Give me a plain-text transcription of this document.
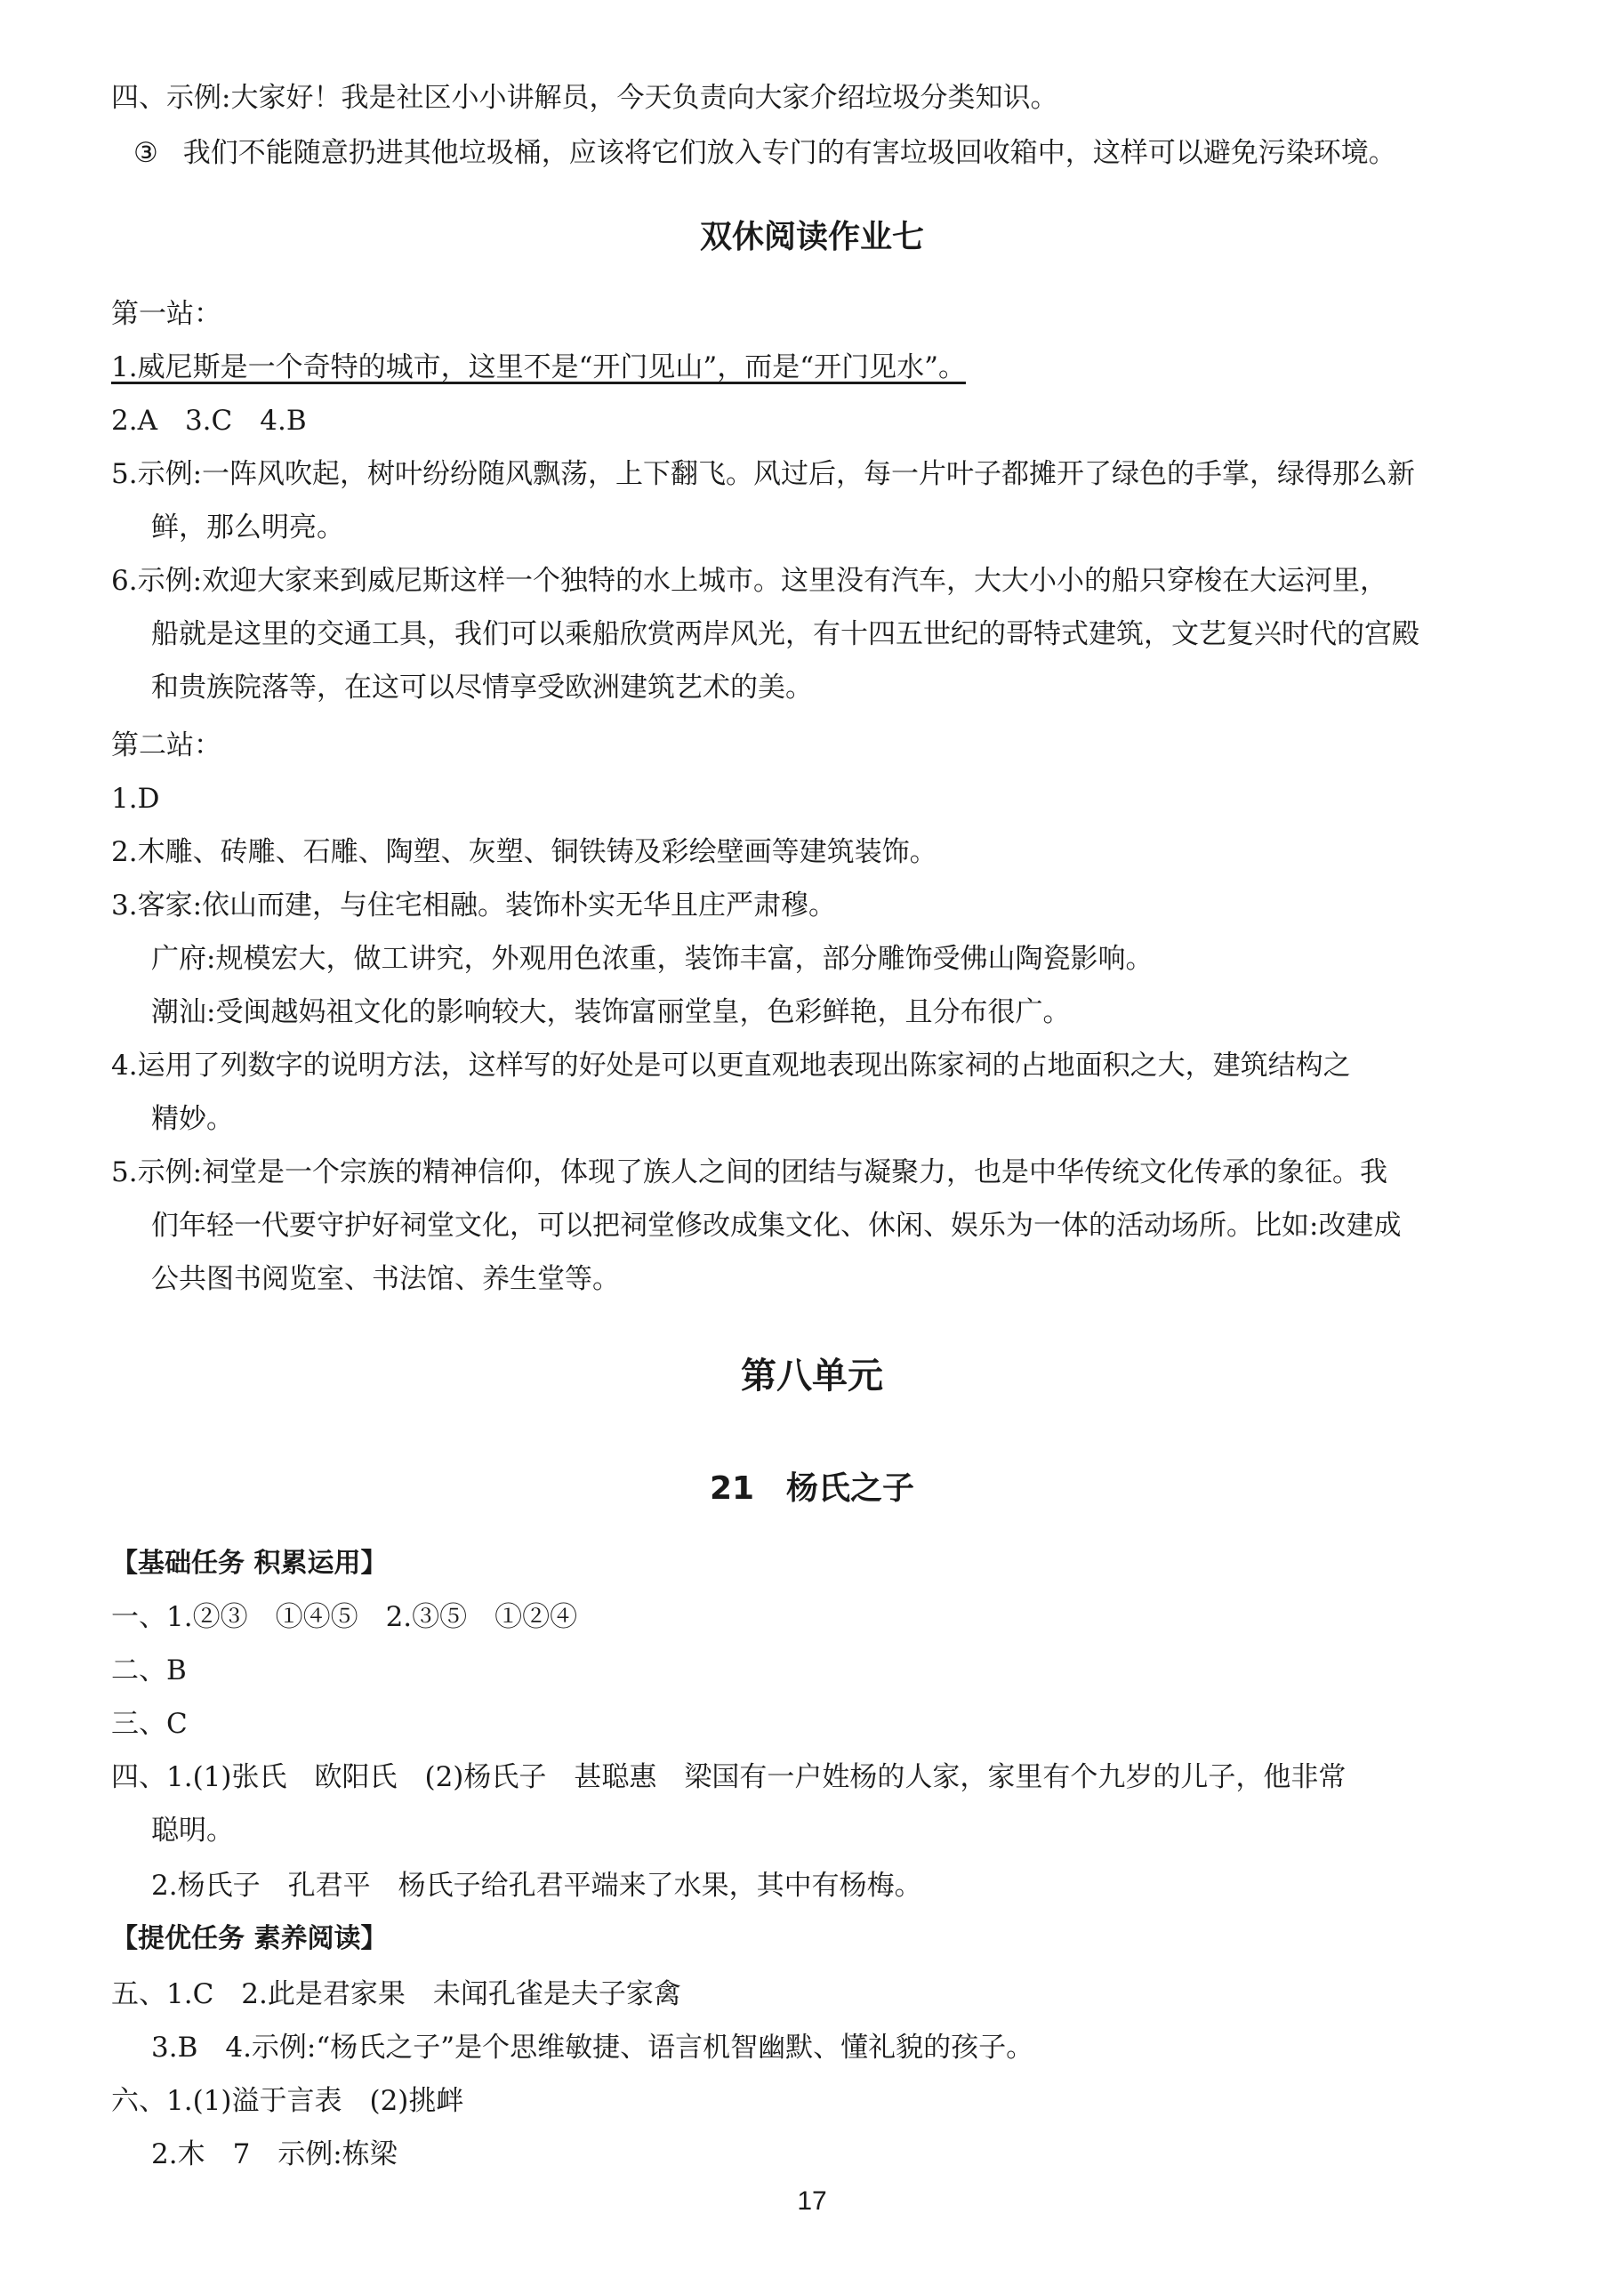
四、示例:大家好！我是社区小小讲解员，今天负责向大家介绍垃圾分类知识。
③ 我们不能随意扔进其他垃圾桶，应该将它们放入专门的有害垃圾回收箱中，这样可以避免污染环境。
双休阅读作业七
第一站：
1.威尼斯是一个奇特的城市，这里不是“开门见山”，而是“开门见水”。
2.A　3.C　4.B
5.示例:一阵风吹起，树叶纷纷随风飘荡，上下翻飞。风过后，每一片叶子都摊开了绿色的手掌，绿得那么新
鲜，那么明亮。
6.示例:欢迎大家来到威尼斯这样一个独特的水上城市。这里没有汽车，大大小小的船只穿梭在大运河里，
船就是这里的交通工具，我们可以乘船欣赏两岸风光，有十四五世纪的哥特式建筑，文艺复兴时代的宫殿
和贵族院落等，在这可以尽情享受欧洲建筑艺术的美。
第二站：
1.D
2.木雕、砖雕、石雕、陶塑、灰塑、铜铁铸及彩绘壁画等建筑装饰。
3.客家:依山而建，与住宅相融。装饰朴实无华且庄严肃穆。
广府:规模宏大，做工讲究，外观用色浓重，装饰丰富，部分雕饰受佛山陶瓷影响。
潮汕:受闽越妈祖文化的影响较大，装饰富丽堂皇，色彩鲜艳，且分布很广。
4.运用了列数字的说明方法，这样写的好处是可以更直观地表现出陈家祠的占地面积之大，建筑结构之
精妙。
5.示例:祠堂是一个宗族的精神信仰，体现了族人之间的团结与凝聚力，也是中华传统文化传承的象征。我
们年轻一代要守护好祠堂文化，可以把祠堂修改成集文化、休闲、娱乐为一体的活动场所。比如:改建成
公共图书阅览室、书法馆、养生堂等。
第八单元
21　杨氏之子
【基础任务 积累运用】
一、1.②③　①④⑤　2.③⑤　①②④
二、B
三、C
四、1.(1)张氏　欧阳氏　(2)杨氏子　甚聪惠　梁国有一户姓杨的人家，家里有个九岁的儿子，他非常
聪明。
2.杨氏子　孔君平　杨氏子给孔君平端来了水果，其中有杨梅。
【提优任务 素养阅读】
五、1.C　2.此是君家果　未闻孔雀是夫子家禽
3.B　4.示例:“杨氏之子”是个思维敏捷、语言机智幽默、懂礼貌的孩子。
六、1.(1)溢于言表　(2)挑衅
2.木　7　示例:栋梁
17
